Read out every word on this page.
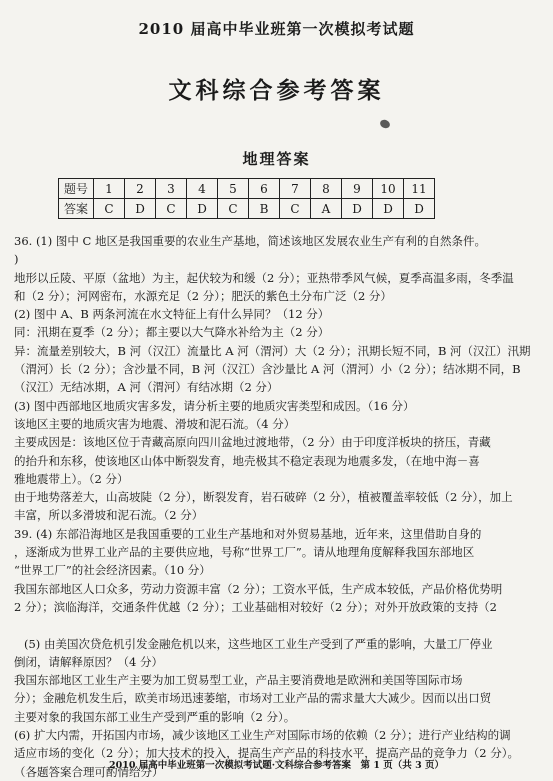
2010 届高中毕业班第一次模拟考试题
文科综合参考答案
地理答案
题号	1	2	3	4	5	6	7	8	9	10	11
答案	C	D	C	D	C	B	C	A	D	D	D

36. (1) 图中 C 地区是我国重要的农业生产基地，简述该地区发展农业生产有利的自然条件。

)

地形以丘陵、平原（盆地）为主，起伏较为和缓（2 分）；亚热带季风气候，夏季高温多雨，冬季温

和（2 分）；河网密布，水源充足（2 分）；肥沃的紫色土分布广泛（2 分）

(2) 图中 A、B 两条河流在水文特征上有什么异同？（12 分）

同：汛期在夏季（2 分）；都主要以大气降水补给为主（2 分）

异：流量差别较大，B 河（汉江）流量比 A 河（渭河）大（2 分）；汛期长短不同，B 河（汉江）汛期

（渭河）长（2 分）；含沙量不同，B 河（汉江）含沙量比 A 河（渭河）小（2 分）；结冰期不同，B

（汉江）无结冰期，A 河（渭河）有结冰期（2 分）

(3) 图中西部地区地质灾害多发，请分析主要的地质灾害类型和成因。（16 分）

该地区主要的地质灾害为地震、滑坡和泥石流。（4 分）

主要成因是：该地区位于青藏高原向四川盆地过渡地带，（2 分）由于印度洋板块的挤压，青藏

的抬升和东移，使该地区山体中断裂发育，地壳极其不稳定表现为地震多发，（在地中海－喜

雅地震带上）。（2 分）

由于地势落差大，山高坡陡（2 分），断裂发育，岩石破碎（2 分），植被覆盖率较低（2 分），加上

丰富，所以多滑坡和泥石流。（2 分）

39. (4) 东部沿海地区是我国重要的工业生产基地和对外贸易基地，近年来，这里借助自身的

，逐渐成为世界工业产品的主要供应地，号称“世界工厂”。请从地理角度解释我国东部地区

“世界工厂”的社会经济因素。（10 分）

我国东部地区人口众多，劳动力资源丰富（2 分）；工资水平低，生产成本较低，产品价格优势明

2 分）；滨临海洋，交通条件优越（2 分）；工业基础相对较好（2 分）；对外开放政策的支持（2

(5) 由美国次贷危机引发金融危机以来，这些地区工业生产受到了严重的影响，大量工厂停业

倒闭，请解释原因？（4 分）

我国东部地区工业生产主要为加工贸易型工业，产品主要消费地是欧洲和美国等国际市场

分）；金融危机发生后，欧美市场迅速萎缩，市场对工业产品的需求量大大减少。因而以出口贸

主要对象的我国东部工业生产受到严重的影响（2 分）。

(6) 扩大内需，开拓国内市场，减少该地区工业生产对国际市场的依赖（2 分）；进行产业结构的调

适应市场的变化（2 分）；加大技术的投入，提高生产产品的科技水平，提高产品的竞争力（2 分）。

（各题答案合理可酌情给分）

2010 届高中毕业班第一次模拟考试题·文科综合参考答案　第 1 页（共 3 页）
